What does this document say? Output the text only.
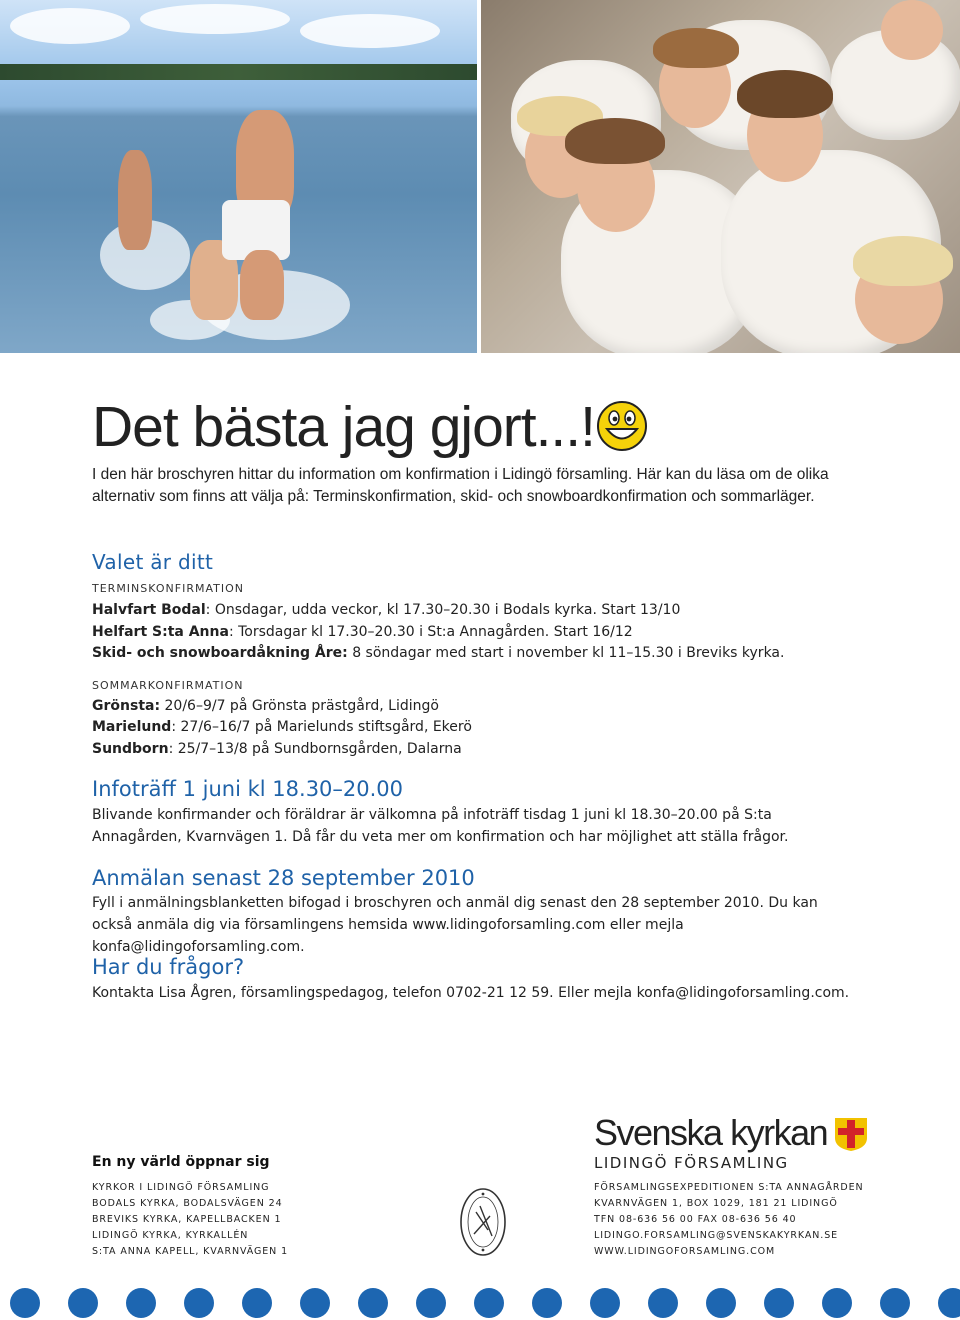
Det bästa jag gjort...!

I den här broschyren hittar du information om konfirmation i Lidingö församling. Här kan du läsa om de olika alternativ som finns att välja på: Terminskonfirmation, skid- och snowboardkonfirmation och sommarläger.

Valet är ditt

TERMINSKONFIRMATION

Halvfart Bodal: Onsdagar, udda veckor, kl 17.30–20.30 i Bodals kyrka. Start 13/10

Helfart S:ta Anna: Torsdagar kl 17.30–20.30 i St:a Annagården. Start 16/12

Skid- och snowboardåkning Åre: 8 söndagar med start i november kl 11–15.30 i Breviks kyrka.

SOMMARKONFIRMATION

Grönsta: 20/6–9/7 på Grönsta prästgård, Lidingö

Marielund: 27/6–16/7 på Marielunds stiftsgård, Ekerö

Sundborn: 25/7–13/8 på Sundbornsgården, Dalarna

Infoträff 1 juni kl 18.30–20.00

Blivande konfirmander och föräldrar är välkomna på infoträff tisdag 1 juni kl 18.30–20.00 på S:ta Annagården, Kvarnvägen 1. Då får du veta mer om konfirmation och har möjlighet att ställa frågor.

Anmälan senast 28 september 2010

Fyll i anmälningsblanketten bifogad i broschyren och anmäl dig senast den 28 september 2010. Du kan också anmäla dig via församlingens hemsida www.lidingoforsamling.com eller mejla konfa@lidingoforsamling.com.

Har du frågor?

Kontakta Lisa Ågren, församlingspedagog, telefon 0702-21 12 59. Eller mejla konfa@lidingoforsamling.com.

En ny värld öppnar sig

KYRKOR I LIDINGÖ FÖRSAMLING
BODALS KYRKA, BODALSVÄGEN 24
BREVIKS KYRKA, KAPELLBACKEN 1
LIDINGÖ KYRKA, KYRKALLÉN
S:TA ANNA KAPELL, KVARNVÄGEN 1

Svenska kyrkan

LIDINGÖ FÖRSAMLING

FÖRSAMLINGSEXPEDITIONEN S:TA ANNAGÅRDEN
KVARNVÄGEN 1, BOX 1029, 181 21 LIDINGÖ
TFN 08-636 56 00 FAX 08-636 56 40
LIDINGO.FORSAMLING@SVENSKAKYRKAN.SE
WWW.LIDINGOFORSAMLING.COM
